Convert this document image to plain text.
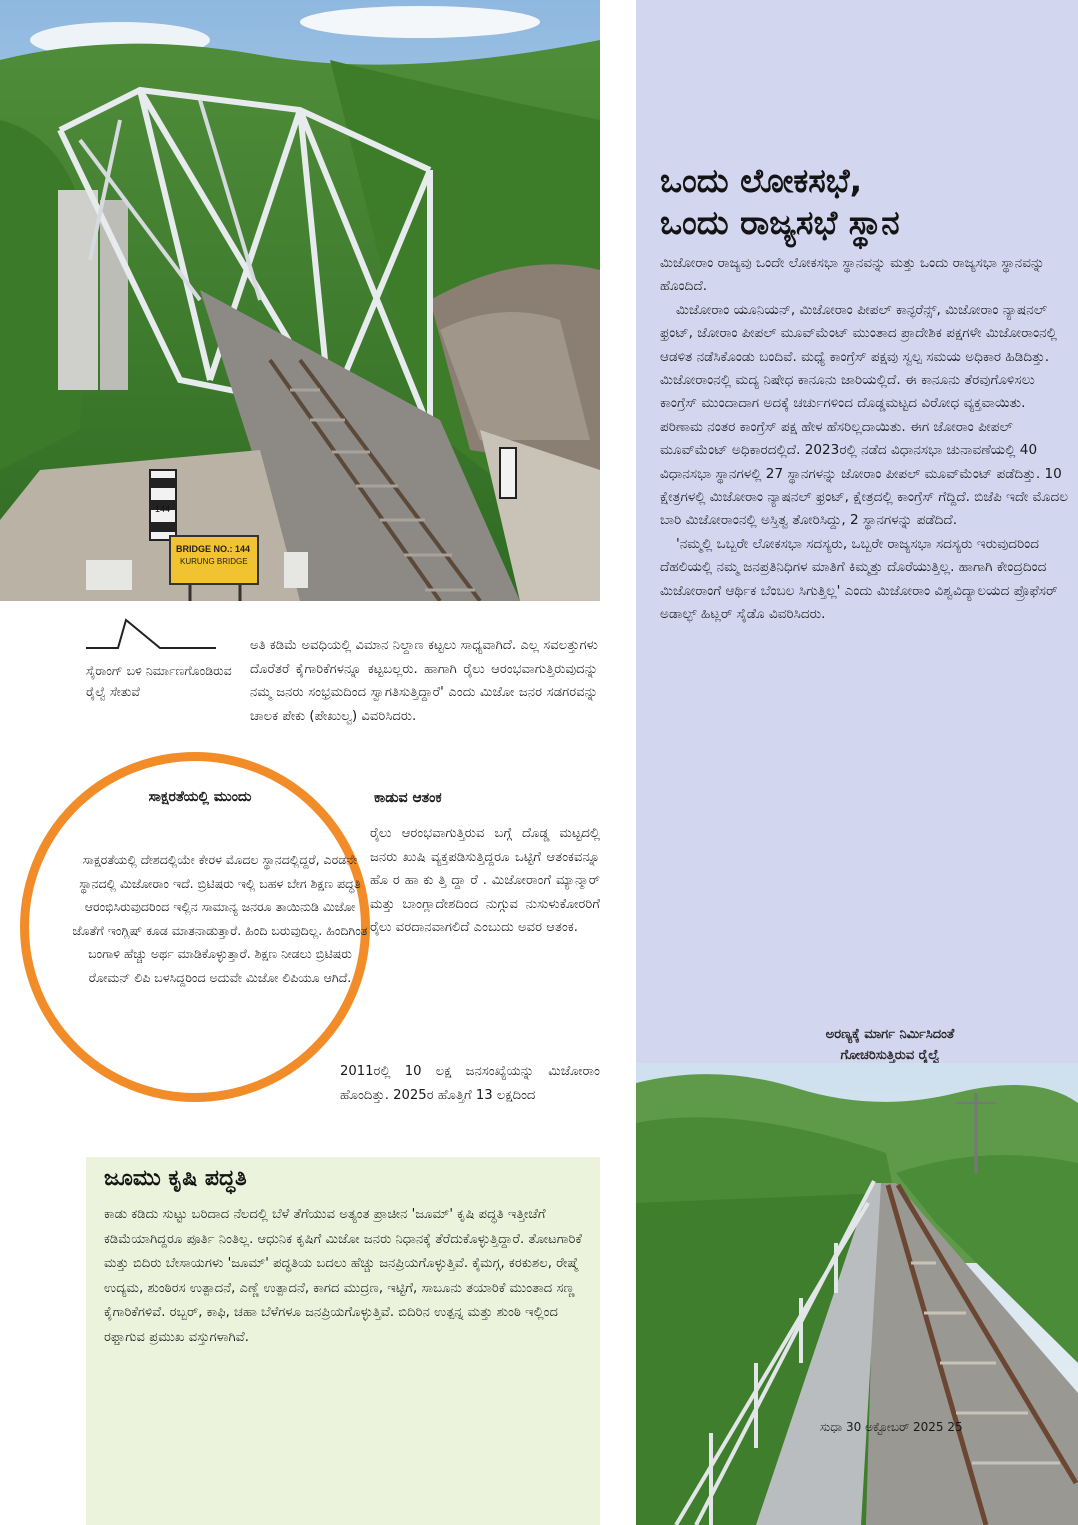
144
BRIDGE NO.: 144
KURUNG BRIDGE
ಒಂದು ಲೋಕಸಭೆ,
ಒಂದು ರಾಜ್ಯಸಭೆ ಸ್ಥಾನ

ಮಿಜೋರಾಂ ರಾಜ್ಯವು ಒಂದೇ ಲೋಕಸಭಾ ಸ್ಥಾನವನ್ನು ಮತ್ತು ಒಂದು ರಾಜ್ಯಸಭಾ ಸ್ಥಾನವನ್ನು ಹೊಂದಿದೆ.

ಮಿಜೋರಾಂ ಯೂನಿಯನ್, ಮಿಜೋರಾಂ ಪೀಪಲ್ ಕಾನ್ಫರೆನ್ಸ್, ಮಿಜೋರಾಂ ನ್ಯಾಷನಲ್ ಫ್ರಂಟ್, ಜೋರಾಂ ಪೀಪಲ್ ಮೂವ್‌ಮೆಂಟ್ ಮುಂತಾದ ಪ್ರಾದೇಶಿಕ ಪಕ್ಷಗಳೇ ಮಿಜೋರಾಂನಲ್ಲಿ ಆಡಳಿತ ನಡೆಸಿಕೊಂಡು ಬಂದಿವೆ. ಮಧ್ಯೆ ಕಾಂಗ್ರೆಸ್ ಪಕ್ಷವು ಸ್ವಲ್ಪ ಸಮಯ ಅಧಿಕಾರ ಹಿಡಿದಿತ್ತು. ಮಿಜೋರಾಂನಲ್ಲಿ ಮದ್ಯ ನಿಷೇಧ ಕಾನೂನು ಜಾರಿಯಲ್ಲಿದೆ. ಈ ಕಾನೂನು ತೆರವುಗೊಳಿಸಲು ಕಾಂಗ್ರೆಸ್ ಮುಂದಾದಾಗ ಅದಕ್ಕೆ ಚರ್ಚುಗಳಿಂದ ದೊಡ್ಡಮಟ್ಟದ ವಿರೋಧ ವ್ಯಕ್ತವಾಯಿತು. ಪರಿಣಾಮ ನಂತರ ಕಾಂಗ್ರೆಸ್ ಪಕ್ಷ ಹೇಳ ಹೆಸರಿಲ್ಲದಾಯಿತು. ಈಗ ಜೋರಾಂ ಪೀಪಲ್ ಮೂವ್‌ಮೆಂಟ್ ಅಧಿಕಾರದಲ್ಲಿದೆ. 2023ರಲ್ಲಿ ನಡೆದ ವಿಧಾನಸಭಾ ಚುನಾವಣೆಯಲ್ಲಿ 40 ವಿಧಾನಸಭಾ ಸ್ಥಾನಗಳಲ್ಲಿ 27 ಸ್ಥಾನಗಳನ್ನು ಜೋರಾಂ ಪೀಪಲ್ ಮೂವ್‌ಮೆಂಟ್ ಪಡೆದಿತ್ತು. 10 ಕ್ಷೇತ್ರಗಳಲ್ಲಿ ಮಿಜೋರಾಂ ನ್ಯಾಷನಲ್ ಫ್ರಂಟ್, ಕ್ಷೇತ್ರದಲ್ಲಿ ಕಾಂಗ್ರೆಸ್ ಗೆದ್ದಿದೆ. ಬಿಜೆಪಿ ಇದೇ ಮೊದಲ ಬಾರಿ ಮಿಜೋರಾಂನಲ್ಲಿ ಅಸ್ತಿತ್ವ ತೋರಿಸಿದ್ದು, 2 ಸ್ಥಾನಗಳನ್ನು ಪಡೆದಿದೆ.

'ನಮ್ಮಲ್ಲಿ ಒಬ್ಬರೇ ಲೋಕಸಭಾ ಸದಸ್ಯರು, ಒಬ್ಬರೇ ರಾಜ್ಯಸಭಾ ಸದಸ್ಯರು ಇರುವುದರಿಂದ ದೆಹಲಿಯಲ್ಲಿ ನಮ್ಮ ಜನಪ್ರತಿನಿಧಿಗಳ ಮಾತಿಗೆ ಕಿಮ್ಮತ್ತು ದೊರೆಯುತ್ತಿಲ್ಲ. ಹಾಗಾಗಿ ಕೇಂದ್ರದಿಂದ ಮಿಜೋರಾಂಗೆ ಆರ್ಥಿಕ ಬೆಂಬಲ ಸಿಗುತ್ತಿಲ್ಲ' ಎಂದು ಮಿಜೋರಾಂ ವಿಶ್ವವಿದ್ಯಾಲಯದ ಪ್ರೊಫೆಸರ್ ಅಡಾಲ್ಫ್ ಹಿಟ್ಲರ್ ಸೈಡೊ ವಿವರಿಸಿದರು.

ಅರಣ್ಯಕ್ಕೆ ಮಾರ್ಗ ನಿರ್ಮಿಸಿದಂತೆ
ಗೋಚರಿಸುತ್ತಿರುವ ರೈಲ್ವೆ
ಸುಧಾ 30 ಅಕ್ಟೋಬರ್ 2025 25
ಸೈರಾಂಗ್ ಬಳಿ ನಿರ್ಮಾಣಗೊಂಡಿರುವ ರೈಲ್ವೆ ಸೇತುವೆ
ಅತಿ ಕಡಿಮೆ ಅವಧಿಯಲ್ಲಿ ವಿಮಾನ ನಿಲ್ದಾಣ ಕಟ್ಟಲು ಸಾಧ್ಯವಾಗಿದೆ. ಎಲ್ಲ ಸವಲತ್ತುಗಳು ದೊರೆತರೆ ಕೈಗಾರಿಕೆಗಳನ್ನೂ ಕಟ್ಟಬಲ್ಲರು. ಹಾಗಾಗಿ ರೈಲು ಆರಂಭವಾಗುತ್ತಿರುವುದನ್ನು ನಮ್ಮ ಜನರು ಸಂಭ್ರಮದಿಂದ ಸ್ವಾಗತಿಸುತ್ತಿದ್ದಾರೆ' ಎಂದು ಮಿಜೋ ಜನರ ಸಡಗರವನ್ನು ಚಾಲಕ ಪೇಕು (ಪೇಖುಲ್ವ) ವಿವರಿಸಿದರು.
ಸಾಕ್ಷರತೆಯಲ್ಲಿ ಮುಂದು
ಸಾಕ್ಷರತೆಯಲ್ಲಿ ದೇಶದಲ್ಲಿಯೇ ಕೇರಳ ಮೊದಲ ಸ್ಥಾನದಲ್ಲಿದ್ದರೆ, ಎರಡನೇ ಸ್ಥಾನದಲ್ಲಿ ಮಿಜೋರಾಂ ಇದೆ. ಬ್ರಿಟಿಷರು ಇಲ್ಲಿ ಬಹಳ ಬೇಗ ಶಿಕ್ಷಣ ಪದ್ಧತಿ ಆರಂಭಿಸಿರುವುದರಿಂದ ಇಲ್ಲಿನ ಸಾಮಾನ್ಯ ಜನರೂ ತಾಯಿನುಡಿ ಮಿಜೋ ಜೊತೆಗೆ ಇಂಗ್ಲಿಷ್ ಕೂಡ ಮಾತನಾಡುತ್ತಾರೆ. ಹಿಂದಿ ಬರುವುದಿಲ್ಲ. ಹಿಂದಿಗಿಂತ ಬಂಗಾಳಿ ಹೆಚ್ಚು ಅರ್ಥ ಮಾಡಿಕೊಳ್ಳುತ್ತಾರೆ. ಶಿಕ್ಷಣ ನೀಡಲು ಬ್ರಿಟಿಷರು ರೋಮನ್ ಲಿಪಿ ಬಳಸಿದ್ದರಿಂದ ಅದುವೇ ಮಿಜೋ ಲಿಪಿಯೂ ಆಗಿದೆ.
ಕಾಡುವ ಆತಂಕ
ರೈಲು ಆರಂಭವಾಗುತ್ತಿರುವ ಬಗ್ಗೆ ದೊಡ್ಡ ಮಟ್ಟದಲ್ಲಿ ಜನರು ಖುಷಿ ವ್ಯಕ್ತಪಡಿಸುತ್ತಿದ್ದರೂ ಒಟ್ಟಿಗೆ ಆತಂಕವನ್ನೂ ಹೊ ರ ಹಾ ಕು ತ್ತಿ ದ್ದಾ ರೆ . ಮಿಜೋರಾಂಗೆ ಮ್ಯಾನ್ಮಾರ್ ಮತ್ತು ಬಾಂಗ್ಲಾದೇಶದಿಂದ ನುಗ್ಗುವ ನುಸುಳುಕೋರರಿಗೆ ರೈಲು ವರದಾನವಾಗಲಿದೆ ಎಂಬುದು ಅವರ ಆತಂಕ.
2011ರಲ್ಲಿ 10 ಲಕ್ಷ ಜನಸಂಖ್ಯೆಯನ್ನು ಮಿಜೋರಾಂ ಹೊಂದಿತ್ತು. 2025ರ ಹೊತ್ತಿಗೆ 13 ಲಕ್ಷದಿಂದ
ಜೂಮು ಕೃಷಿ ಪದ್ಧತಿ
ಕಾಡು ಕಡಿದು ಸುಟ್ಟು ಬರಿದಾದ ನೆಲದಲ್ಲಿ ಬೆಳೆ ತೆಗೆಯುವ ಅತ್ಯಂತ ಪ್ರಾಚೀನ 'ಜೂಮ್' ಕೃಷಿ ಪದ್ಧತಿ ಇತ್ತೀಚೆಗೆ ಕಡಿಮೆಯಾಗಿದ್ದರೂ ಪೂರ್ತಿ ನಿಂತಿಲ್ಲ. ಆಧುನಿಕ ಕೃಷಿಗೆ ಮಿಜೋ ಜನರು ನಿಧಾನಕ್ಕೆ ತೆರೆದುಕೊಳ್ಳುತ್ತಿದ್ದಾರೆ. ತೋಟಗಾರಿಕೆ ಮತ್ತು ಬಿದಿರು ಬೇಸಾಯಗಳು 'ಜೂಮ್' ಪದ್ಧತಿಯ ಬದಲು ಹೆಚ್ಚು ಜನಪ್ರಿಯಗೊಳ್ಳುತ್ತಿವೆ. ಕೈಮಗ್ಗ, ಕರಕುಶಲ, ರೇಷ್ಮೆ ಉದ್ಯಮ, ಶುಂಠಿರಸ ಉತ್ಪಾದನೆ, ಎಣ್ಣೆ ಉತ್ಪಾದನೆ, ಕಾಗದ ಮುದ್ರಣ, ಇಟ್ಟಿಗೆ, ಸಾಬೂನು ತಯಾರಿಕೆ ಮುಂತಾದ ಸಣ್ಣ ಕೈಗಾರಿಕೆಗಳಿವೆ. ರಬ್ಬರ್, ಕಾಫಿ, ಚಹಾ ಬೆಳೆಗಳೂ ಜನಪ್ರಿಯಗೊಳ್ಳುತ್ತಿವೆ. ಬಿದಿರಿನ ಉತ್ಪನ್ನ ಮತ್ತು ಶುಂಠಿ ಇಲ್ಲಿಂದ ರಫ್ತಾಗುವ ಪ್ರಮುಖ ವಸ್ತುಗಳಾಗಿವೆ.
